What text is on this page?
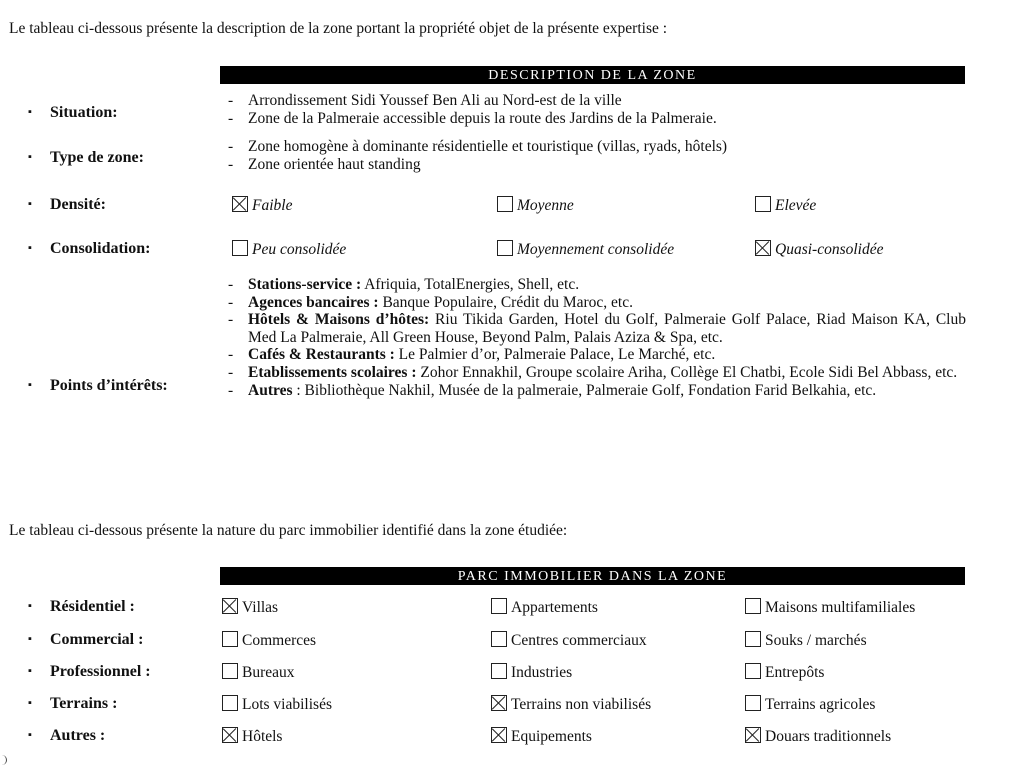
Le tableau ci-dessous présente la description de la zone portant la propriété objet de la présente expertise :
DESCRIPTION DE LA ZONE
▪ Situation:
- Arrondissement Sidi Youssef Ben Ali au Nord-est de la ville
- Zone de la Palmeraie accessible depuis la route des Jardins de la Palmeraie.
▪ Type de zone:
- Zone homogène à dominante résidentielle et touristique (villas, ryads, hôtels)
- Zone orientée haut standing
▪ Densité:	Faible	Moyenne	Elevée
▪ Consolidation:	Peu consolidée	Moyennement consolidée	Quasi-consolidée
▪ Points d’intérêts:
- Stations-service : Afriquia, TotalEnergies, Shell, etc.
- Agences bancaires : Banque Populaire, Crédit du Maroc, etc.
- Hôtels & Maisons d’hôtes: Riu Tikida Garden, Hotel du Golf, Palmeraie Golf Palace, Riad Maison KA, Club Med La Palmeraie, All Green House, Beyond Palm, Palais Aziza & Spa, etc.
- Cafés & Restaurants : Le Palmier d’or, Palmeraie Palace, Le Marché, etc.
- Etablissements scolaires : Zohor Ennakhil, Groupe scolaire Ariha, Collège El Chatbi, Ecole Sidi Bel Abbass, etc.
- Autres : Bibliothèque Nakhil, Musée de la palmeraie, Palmeraie Golf, Fondation Farid Belkahia, etc.
Le tableau ci-dessous présente la nature du parc immobilier identifié dans la zone étudiée:
PARC IMMOBILIER DANS LA ZONE
▪ Résidentiel :	Villas	Appartements	Maisons multifamiliales
▪ Commercial :	Commerces	Centres commerciaux	Souks / marchés
▪ Professionnel :	Bureaux	Industries	Entrepôts
▪ Terrains :	Lots viabilisés	Terrains non viabilisés	Terrains agricoles
▪ Autres :	Hôtels	Equipements	Douars traditionnels
